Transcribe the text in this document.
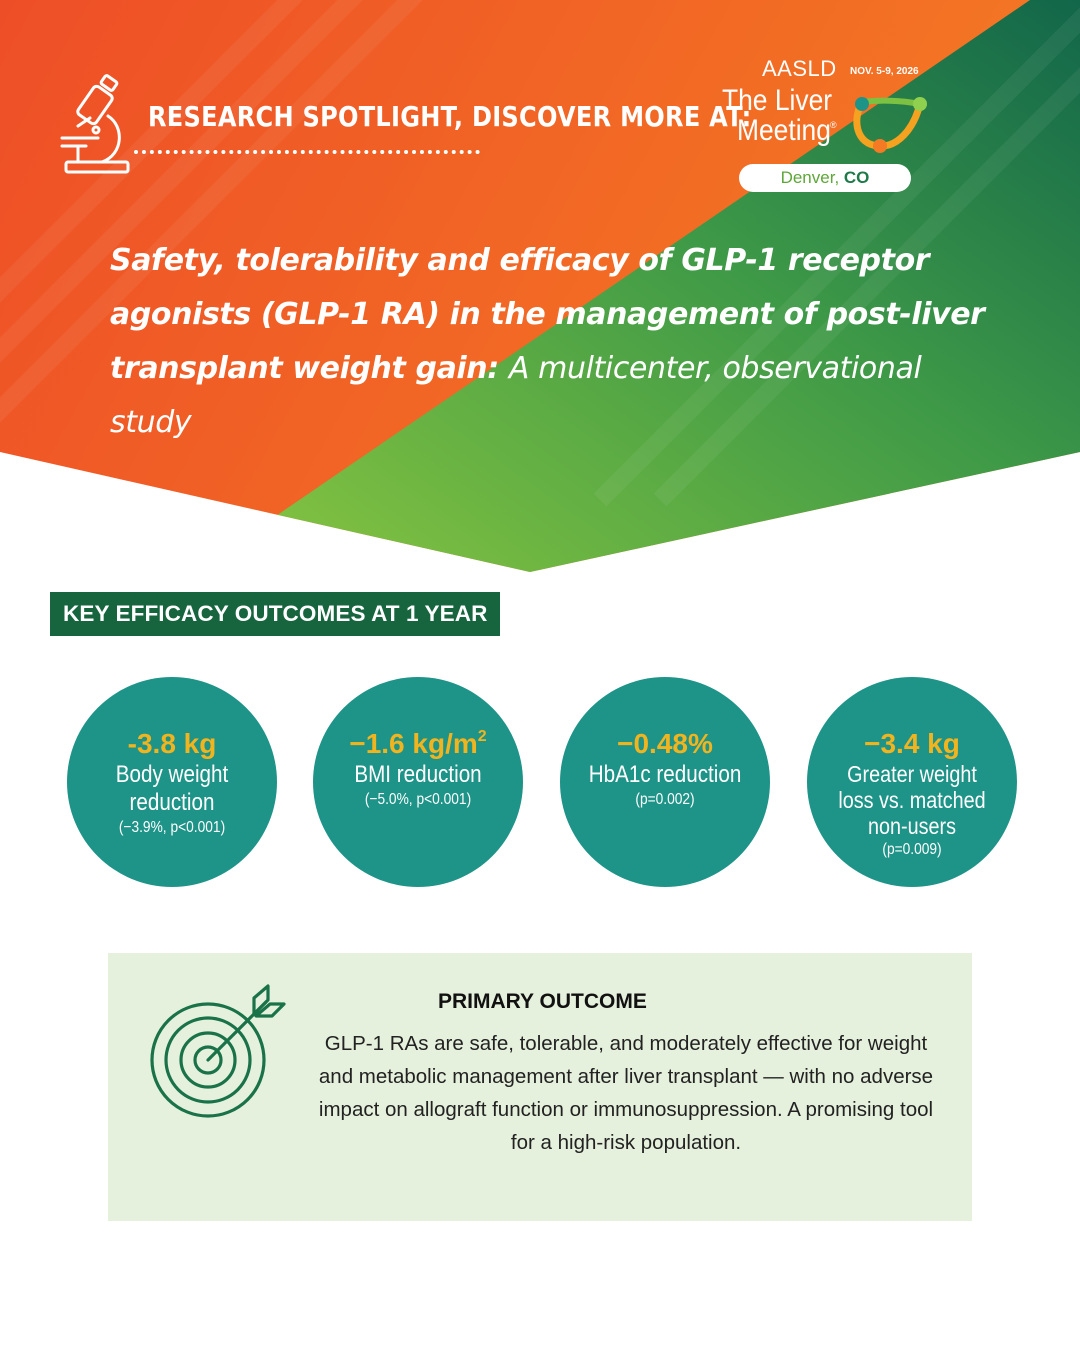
RESEARCH SPOTLIGHT, DISCOVER MORE AT:
AASLD NOV. 5-9, 2026
The Liver
Meeting ®
Denver, CO
Safety, tolerability and efficacy of GLP-1 receptor agonists (GLP-1 RA) in the management of post-liver transplant weight gain: A multicenter, observational study
KEY EFFICACY OUTCOMES AT 1 YEAR
-3.8 kg
Body weight reduction
(−3.9%, p<0.001)
−1.6 $kg/m^2$
BMI reduction
(−5.0%, p<0.001)
−0.48%
HbA1c reduction
(p=0.002)
−3.4 kg
Greater weight loss vs. matched non-users
(p=0.009)
PRIMARY OUTCOME
GLP-1 RAs are safe, tolerable, and moderately effective for weight and metabolic management after liver transplant — with no adverse impact on allograft function or immunosuppression. A promising tool for a high-risk population.
